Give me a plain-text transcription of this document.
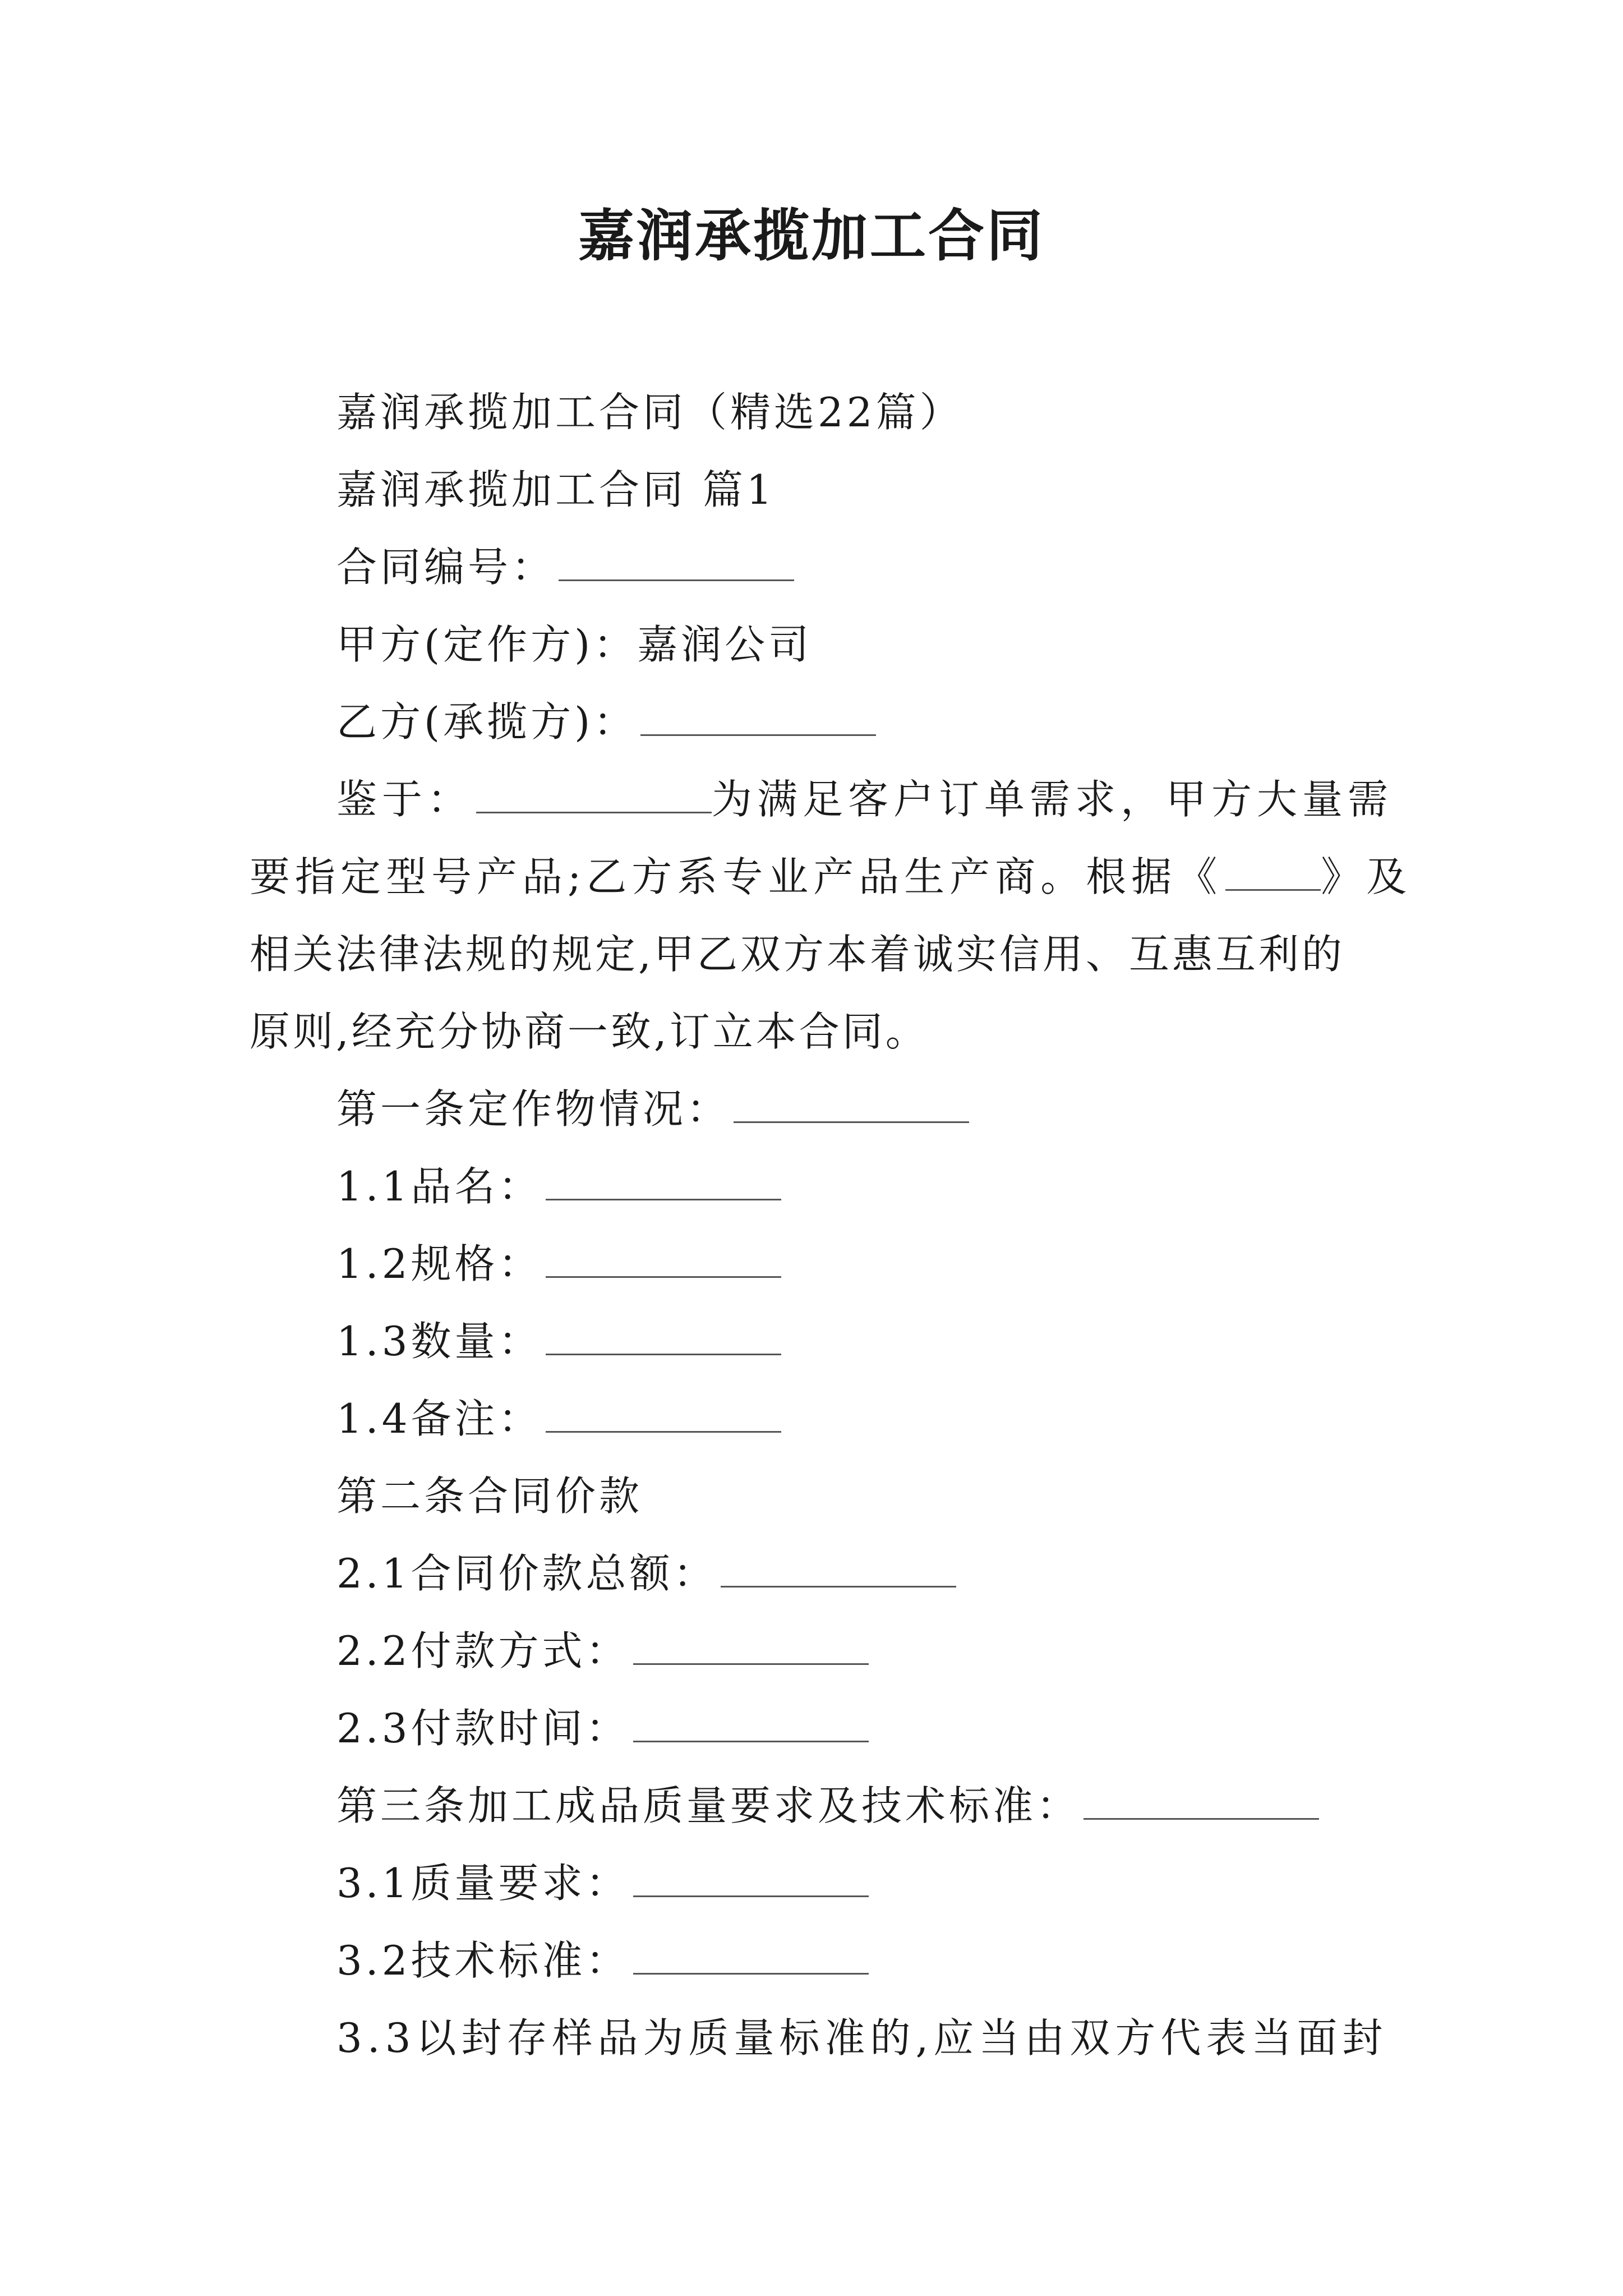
嘉润承揽加工合同
嘉润承揽加工合同（精选22篇）
嘉润承揽加工合同 篇1
合同编号：
甲方(定作方)：嘉润公司
乙方(承揽方)：
鉴于：	为满足客户订单需求，甲方大量需
要指定型号产品;乙方系专业产品生产商。根据《 》及
相关法律法规的规定,甲乙双方本着诚实信用、互惠互利的
原则,经充分协商一致,订立本合同。
第一条定作物情况：
1.1品名：
1.2规格：
1.3数量：
1.4备注：
第二条合同价款
2.1合同价款总额：
2.2付款方式：
2.3付款时间：
第三条加工成品质量要求及技术标准：
3.1质量要求：
3.2技术标准：
3.3以封存样品为质量标准的,应当由双方代表当面封
